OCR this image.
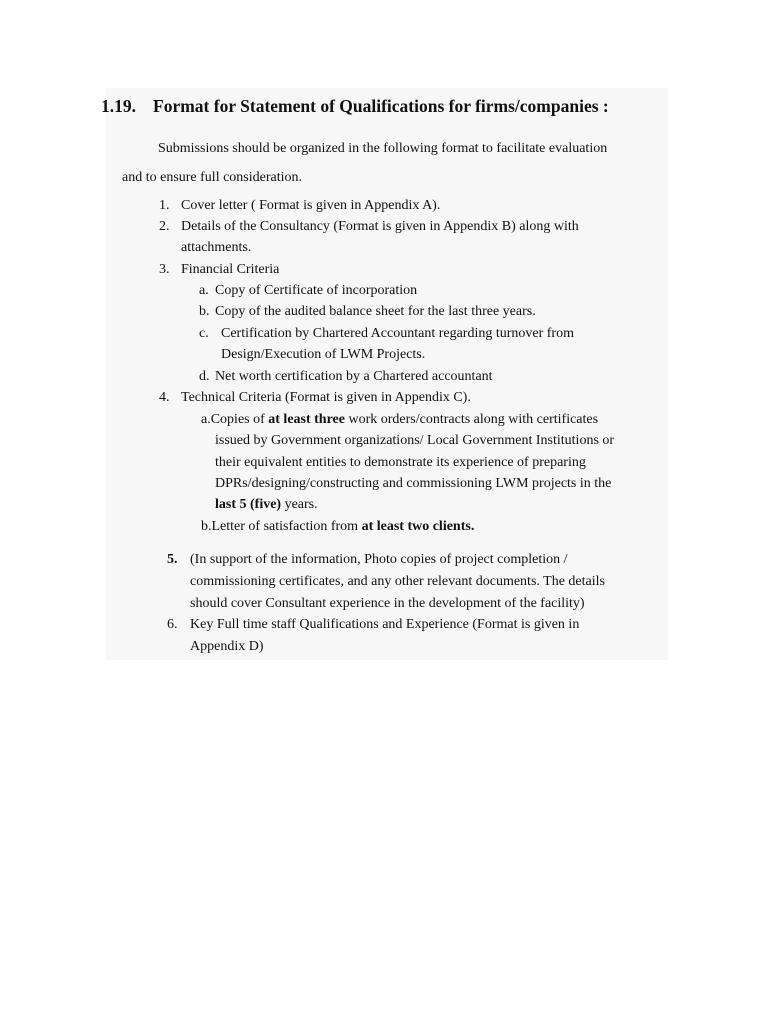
1.19. Format for Statement of Qualifications for firms/companies :
Submissions should be organized in the following format to facilitate evaluation
and to ensure full consideration.
1. Cover letter ( Format is given in Appendix A).
2. Details of the Consultancy (Format is given in Appendix B) along with
attachments.
3. Financial Criteria
a. Copy of Certificate of incorporation
b. Copy of the audited balance sheet for the last three years.
c. Certification by Chartered Accountant regarding turnover from
Design/Execution of LWM Projects.
d. Net worth certification by a Chartered accountant
4. Technical Criteria (Format is given in Appendix C).
a.Copies of at least three work orders/contracts along with certificates
issued by Government organizations/ Local Government Institutions or
their equivalent entities to demonstrate its experience of preparing
DPRs/designing/constructing and commissioning LWM projects in the
last 5 (five) years.
b.Letter of satisfaction from at least two clients.
5. (In support of the information, Photo copies of project completion /
commissioning certificates, and any other relevant documents. The details
should cover Consultant experience in the development of the facility)
6. Key Full time staff Qualifications and Experience (Format is given in
Appendix D)
